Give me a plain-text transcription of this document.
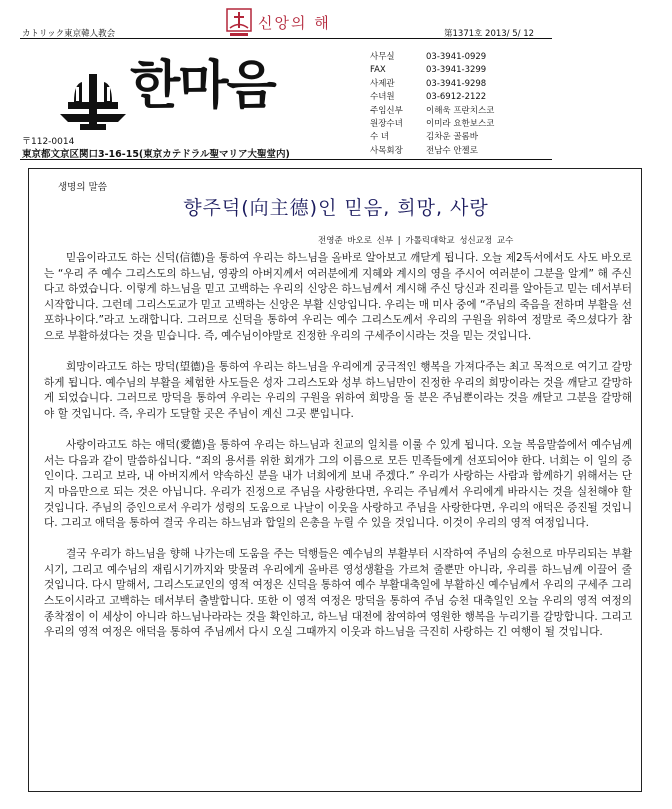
カトリック東京韓人教会
신앙의 해
第1371호 2013/ 5/ 12
한마음	사무실	03-3941-0929
FAX	03-3941-3299
사제관	03-3941-9298
수녀원	03-6912-2122
주임신부	이해욱 프란치스코
원장수녀	이미라 요한보스코
수 녀	김차운 골롬바
사목회장	전남수 안젤로
〒112-0014
東京都文京区関口3-16-15(東京カテドラル聖マリア大聖堂内)
생명의 말씀
향주덕(向主德)인 믿음, 희망, 사랑
전영준 바오로 신부 | 가톨릭대학교 성신교정 교수

믿음이라고도 하는 신덕(信德)을 통하여 우리는 하느님을 올바로 알아보고 깨닫게 됩니다. 오늘 제2독서에서도 사도 바오로는 “우리 주 예수 그리스도의 하느님, 영광의 아버지께서 여러분에게 지혜와 계시의 영을 주시어 여러분이 그분을 알게” 해 주신다고 하였습니다. 이렇게 하느님을 믿고 고백하는 우리의 신앙은 하느님께서 계시해 주신 당신과 진리를 알아듣고 믿는 데서부터 시작합니다. 그런데 그리스도교가 믿고 고백하는 신앙은 부활 신앙입니다. 우리는 매 미사 중에 “주님의 죽음을 전하며 부활을 선포하나이다.”라고 노래합니다. 그러므로 신덕을 통하여 우리는 예수 그리스도께서 우리의 구원을 위하여 정말로 죽으셨다가 참으로 부활하셨다는 것을 믿습니다. 즉, 예수님이야말로 진정한 우리의 구세주이시라는 것을 믿는 것입니다.

희망이라고도 하는 망덕(望德)을 통하여 우리는 하느님을 우리에게 궁극적인 행복을 가져다주는 최고 목적으로 여기고 갈망하게 됩니다. 예수님의 부활을 체험한 사도들은 성자 그리스도와 성부 하느님만이 진정한 우리의 희망이라는 것을 깨닫고 갈망하게 되었습니다. 그러므로 망덕을 통하여 우리는 우리의 구원을 위하여 희망을 둘 분은 주님뿐이라는 것을 깨닫고 그분을 갈망해야 할 것입니다. 즉, 우리가 도달할 곳은 주님이 계신 그곳 뿐입니다.

사랑이라고도 하는 애덕(愛德)을 통하여 우리는 하느님과 친교의 일치를 이룰 수 있게 됩니다. 오늘 복음말씀에서 예수님께서는 다음과 같이 말씀하십니다. “죄의 용서를 위한 회개가 그의 이름으로 모든 민족들에게 선포되어야 한다. 너희는 이 일의 증인이다. 그리고 보라, 내 아버지께서 약속하신 분을 내가 너희에게 보내 주겠다.” 우리가 사랑하는 사람과 함께하기 위해서는 단지 마음만으로 되는 것은 아닙니다. 우리가 진정으로 주님을 사랑한다면, 우리는 주님께서 우리에게 바라시는 것을 실천해야 할 것입니다. 주님의 증인으로서 우리가 성령의 도움으로 나날이 이웃을 사랑하고 주님을 사랑한다면, 우리의 애덕은 증진될 것입니다. 그리고 애덕을 통하여 결국 우리는 하느님과 합일의 은총을 누릴 수 있을 것입니다. 이것이 우리의 영적 여정입니다.

결국 우리가 하느님을 향해 나가는데 도움을 주는 덕행들은 예수님의 부활부터 시작하여 주님의 승천으로 마무리되는 부활시기, 그리고 예수님의 재림시기까지와 맞물려 우리에게 올바른 영성생활을 가르쳐 줄뿐만 아니라, 우리를 하느님께 이끌어 줄 것입니다. 다시 말해서, 그리스도교인의 영적 여정은 신덕을 통하여 예수 부활대축일에 부활하신 예수님께서 우리의 구세주 그리스도이시라고 고백하는 데서부터 출발합니다. 또한 이 영적 여정은 망덕을 통하여 주님 승천 대축일인 오늘 우리의 영적 여정의 종착점이 이 세상이 아니라 하느님나라라는 것을 확인하고, 하느님 대전에 참여하여 영원한 행복을 누리기를 갈망합니다. 그리고 우리의 영적 여정은 애덕을 통하여 주님께서 다시 오실 그때까지 이웃과 하느님을 극진히 사랑하는 긴 여행이 될 것입니다.
